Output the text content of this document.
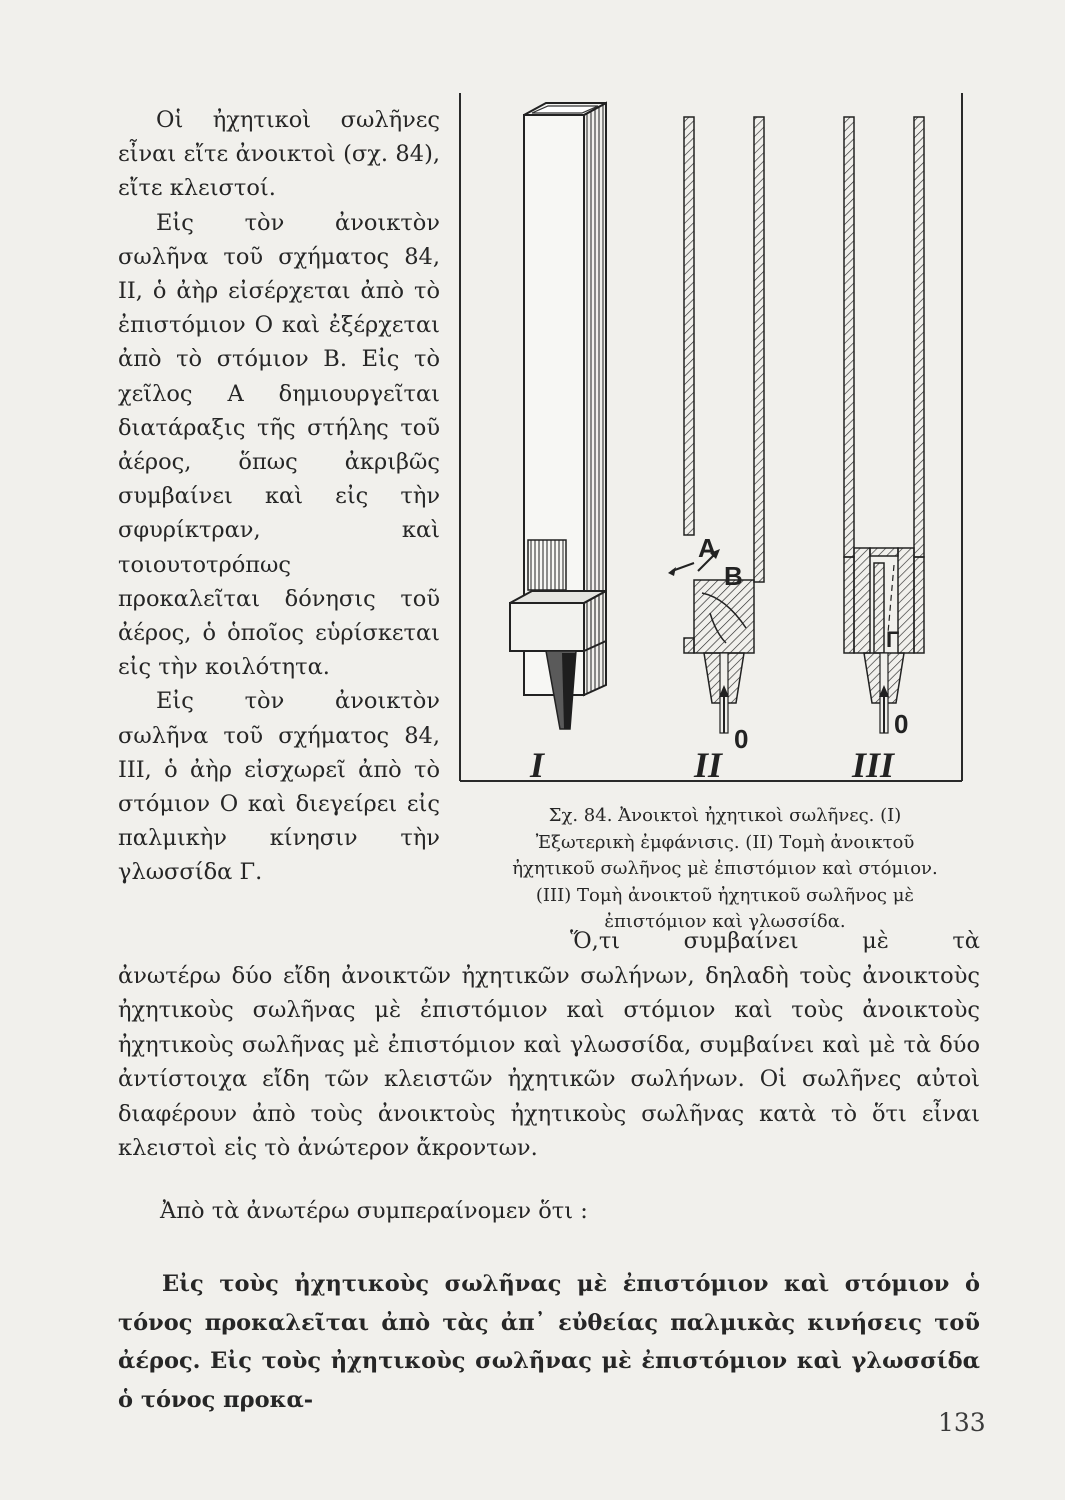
Οἱ ἠχητικοὶ σωλῆνες εἶναι εἴτε ἀνοικτοὶ (σχ. 84), εἴτε κλειστοί.

Εἰς τὸν ἀνοικτὸν σωλῆνα τοῦ σχήματος 84, II, ὁ ἀὴρ εἰσέρχεται ἀπὸ τὸ ἐπιστόμιον Ο καὶ ἐξέρχεται ἀπὸ τὸ στόμιον Β. Εἰς τὸ χεῖλος Α δημιουργεῖται διατάραξις τῆς στήλης τοῦ ἀέρος, ὅπως ἀκριβῶς συμβαίνει καὶ εἰς τὴν σφυρίκτραν, καὶ τοιουτοτρόπως προκαλεῖται δόνησις τοῦ ἀέρος, ὁ ὁποῖος εὑρίσκεται εἰς τὴν κοιλότητα.

Εἰς τὸν ἀνοικτὸν σωλῆνα τοῦ σχήματος 84, III, ὁ ἀὴρ εἰσχωρεῖ ἀπὸ τὸ στόμιον Ο καὶ διεγείρει εἰς παλμικὴν κίνησιν τὴν γλωσσίδα Γ.

A
B
0	0
Γ
I	II	III
Σχ. 84. Ἀνοικτοὶ ἠχητικοὶ σωλῆνες. (I) Ἐξωτερικὴ ἐμφάνισις. (II) Τομὴ ἀνοικτοῦ ἠχητικοῦ σωλῆνος μὲ ἐπιστόμιον καὶ στόμιον. (III) Τομὴ ἀνοικτοῦ ἠχητικοῦ σωλῆνος μὲ ἐπιστόμιον καὶ γλωσσίδα.

Ὅ,τι συμβαίνει μὲ τὰ

ἀνωτέρω δύο εἴδη ἀνοικτῶν ἠχητικῶν σωλήνων, δηλαδὴ τοὺς ἀνοικτοὺς ἠχητικοὺς σωλῆνας μὲ ἐπιστόμιον καὶ στόμιον καὶ τοὺς ἀνοικτοὺς ἠχητικοὺς σωλῆνας μὲ ἐπιστόμιον καὶ γλωσσίδα, συμβαίνει καὶ μὲ τὰ δύο ἀντίστοιχα εἴδη τῶν κλειστῶν ἠχητικῶν σωλήνων. Οἱ σωλῆνες αὐτοὶ διαφέρουν ἀπὸ τοὺς ἀνοικτοὺς ἠχητικοὺς σωλῆνας κατὰ τὸ ὅτι εἶναι κλειστοὶ εἰς τὸ ἀνώτερον ἄκροντων.

Ἀπὸ τὰ ἀνωτέρω συμπεραίνομεν ὅτι :

Εἰς τοὺς ἠχητικοὺς σωλῆνας μὲ ἐπιστόμιον καὶ στόμιον ὁ τόνος προκαλεῖται ἀπὸ τὰς ἀπ᾽ εὐθείας παλμικὰς κινήσεις τοῦ ἀέρος. Εἰς τοὺς ἠχητικοὺς σωλῆνας μὲ ἐπιστόμιον καὶ γλωσσίδα ὁ τόνος προκα-

133
